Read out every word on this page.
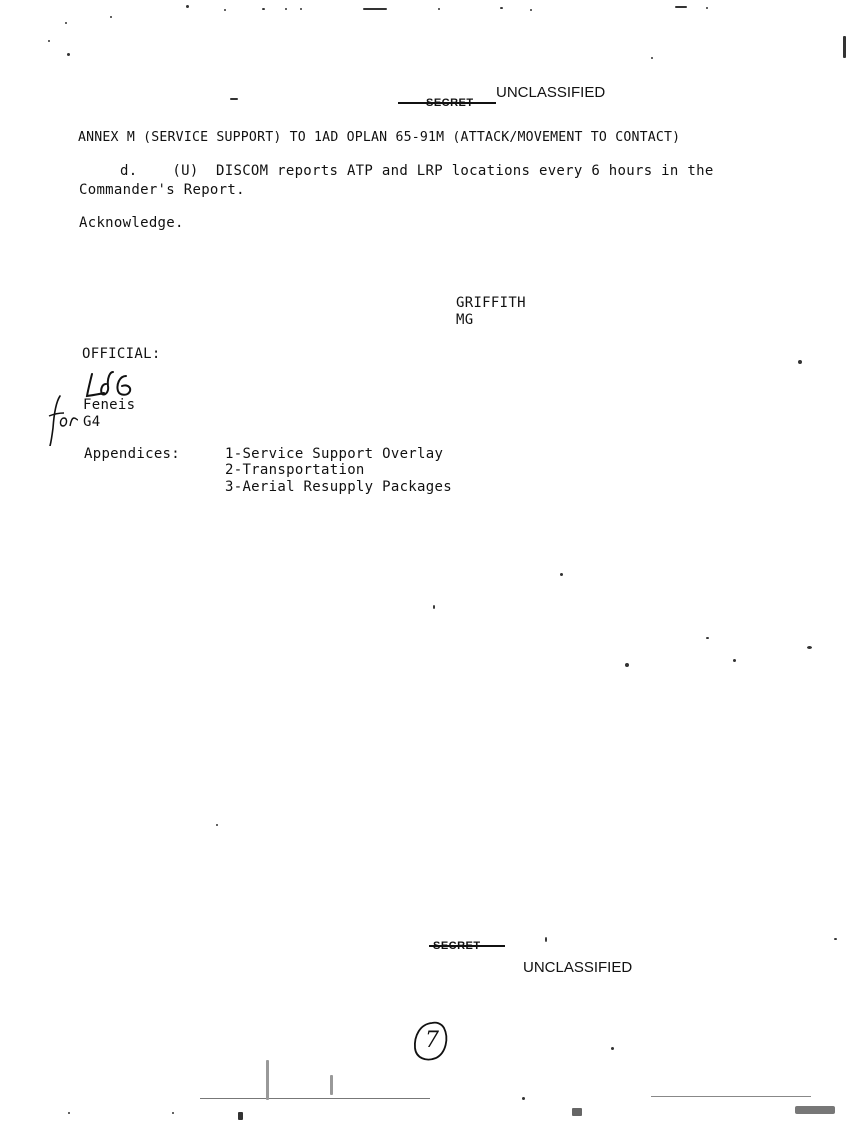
UNCLASSIFIED
ANNEX M (SERVICE SUPPORT) TO 1AD OPLAN 65-91M (ATTACK/MOVEMENT TO CONTACT)
d.    (U)  DISCOM reports ATP and LRP locations every 6 hours in the
Commander's Report.
Acknowledge.
GRIFFITH
MG
OFFICIAL:
Feneis
G4
Appendices:	1-Service Support Overlay
2-Transportation
3-Aerial Resupply Packages
UNCLASSIFIED
7
